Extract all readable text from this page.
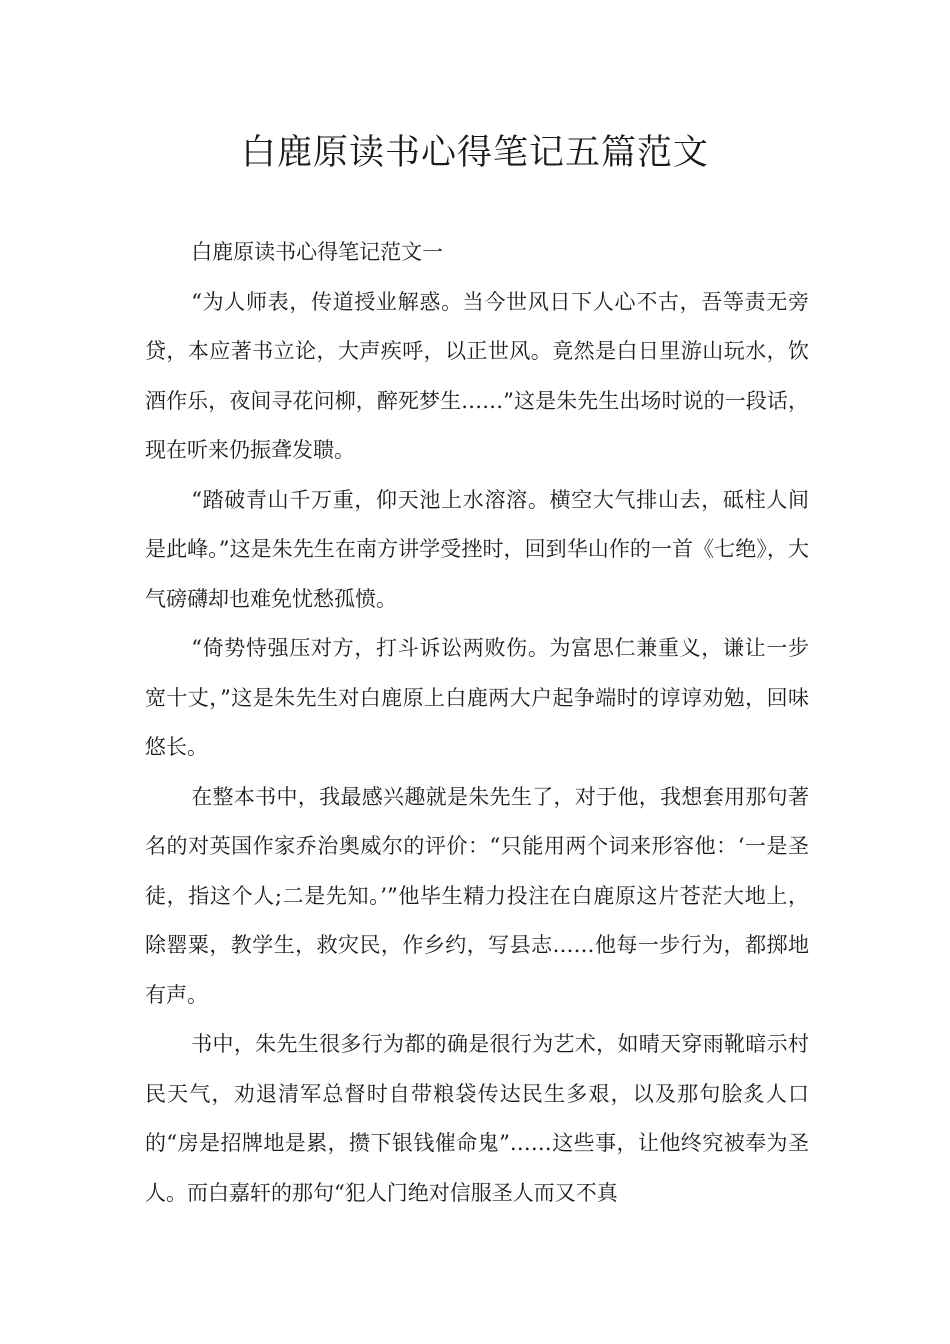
白鹿原读书心得笔记五篇范文

白鹿原读书心得笔记范文一

“为人师表，传道授业解惑。当今世风日下人心不古，吾等责无旁贷，本应著书立论，大声疾呼，以正世风。竟然是白日里游山玩水，饮酒作乐，夜间寻花问柳，醉死梦生……”这是朱先生出场时说的一段话，现在听来仍振聋发聩。

“踏破青山千万重，仰天池上水溶溶。横空大气排山去，砥柱人间是此峰。”这是朱先生在南方讲学受挫时，回到华山作的一首《七绝》，大气磅礴却也难免忧愁孤愤。

“倚势恃强压对方，打斗诉讼两败伤。为富思仁兼重义，谦让一步宽十丈，”这是朱先生对白鹿原上白鹿两大户起争端时的谆谆劝勉，回味悠长。

在整本书中，我最感兴趣就是朱先生了，对于他，我想套用那句著名的对英国作家乔治奥威尔的评价：“只能用两个词来形容他：‘一是圣徒，指这个人;二是先知。’”他毕生精力投注在白鹿原这片苍茫大地上，除罂粟，教学生，救灾民，作乡约，写县志……他每一步行为，都掷地有声。

书中，朱先生很多行为都的确是很行为艺术，如晴天穿雨靴暗示村民天气，劝退清军总督时自带粮袋传达民生多艰，以及那句脍炙人口的“房是招牌地是累，攒下银钱催命鬼”……这些事，让他终究被奉为圣人。而白嘉轩的那句“犯人门绝对信服圣人而又不真
